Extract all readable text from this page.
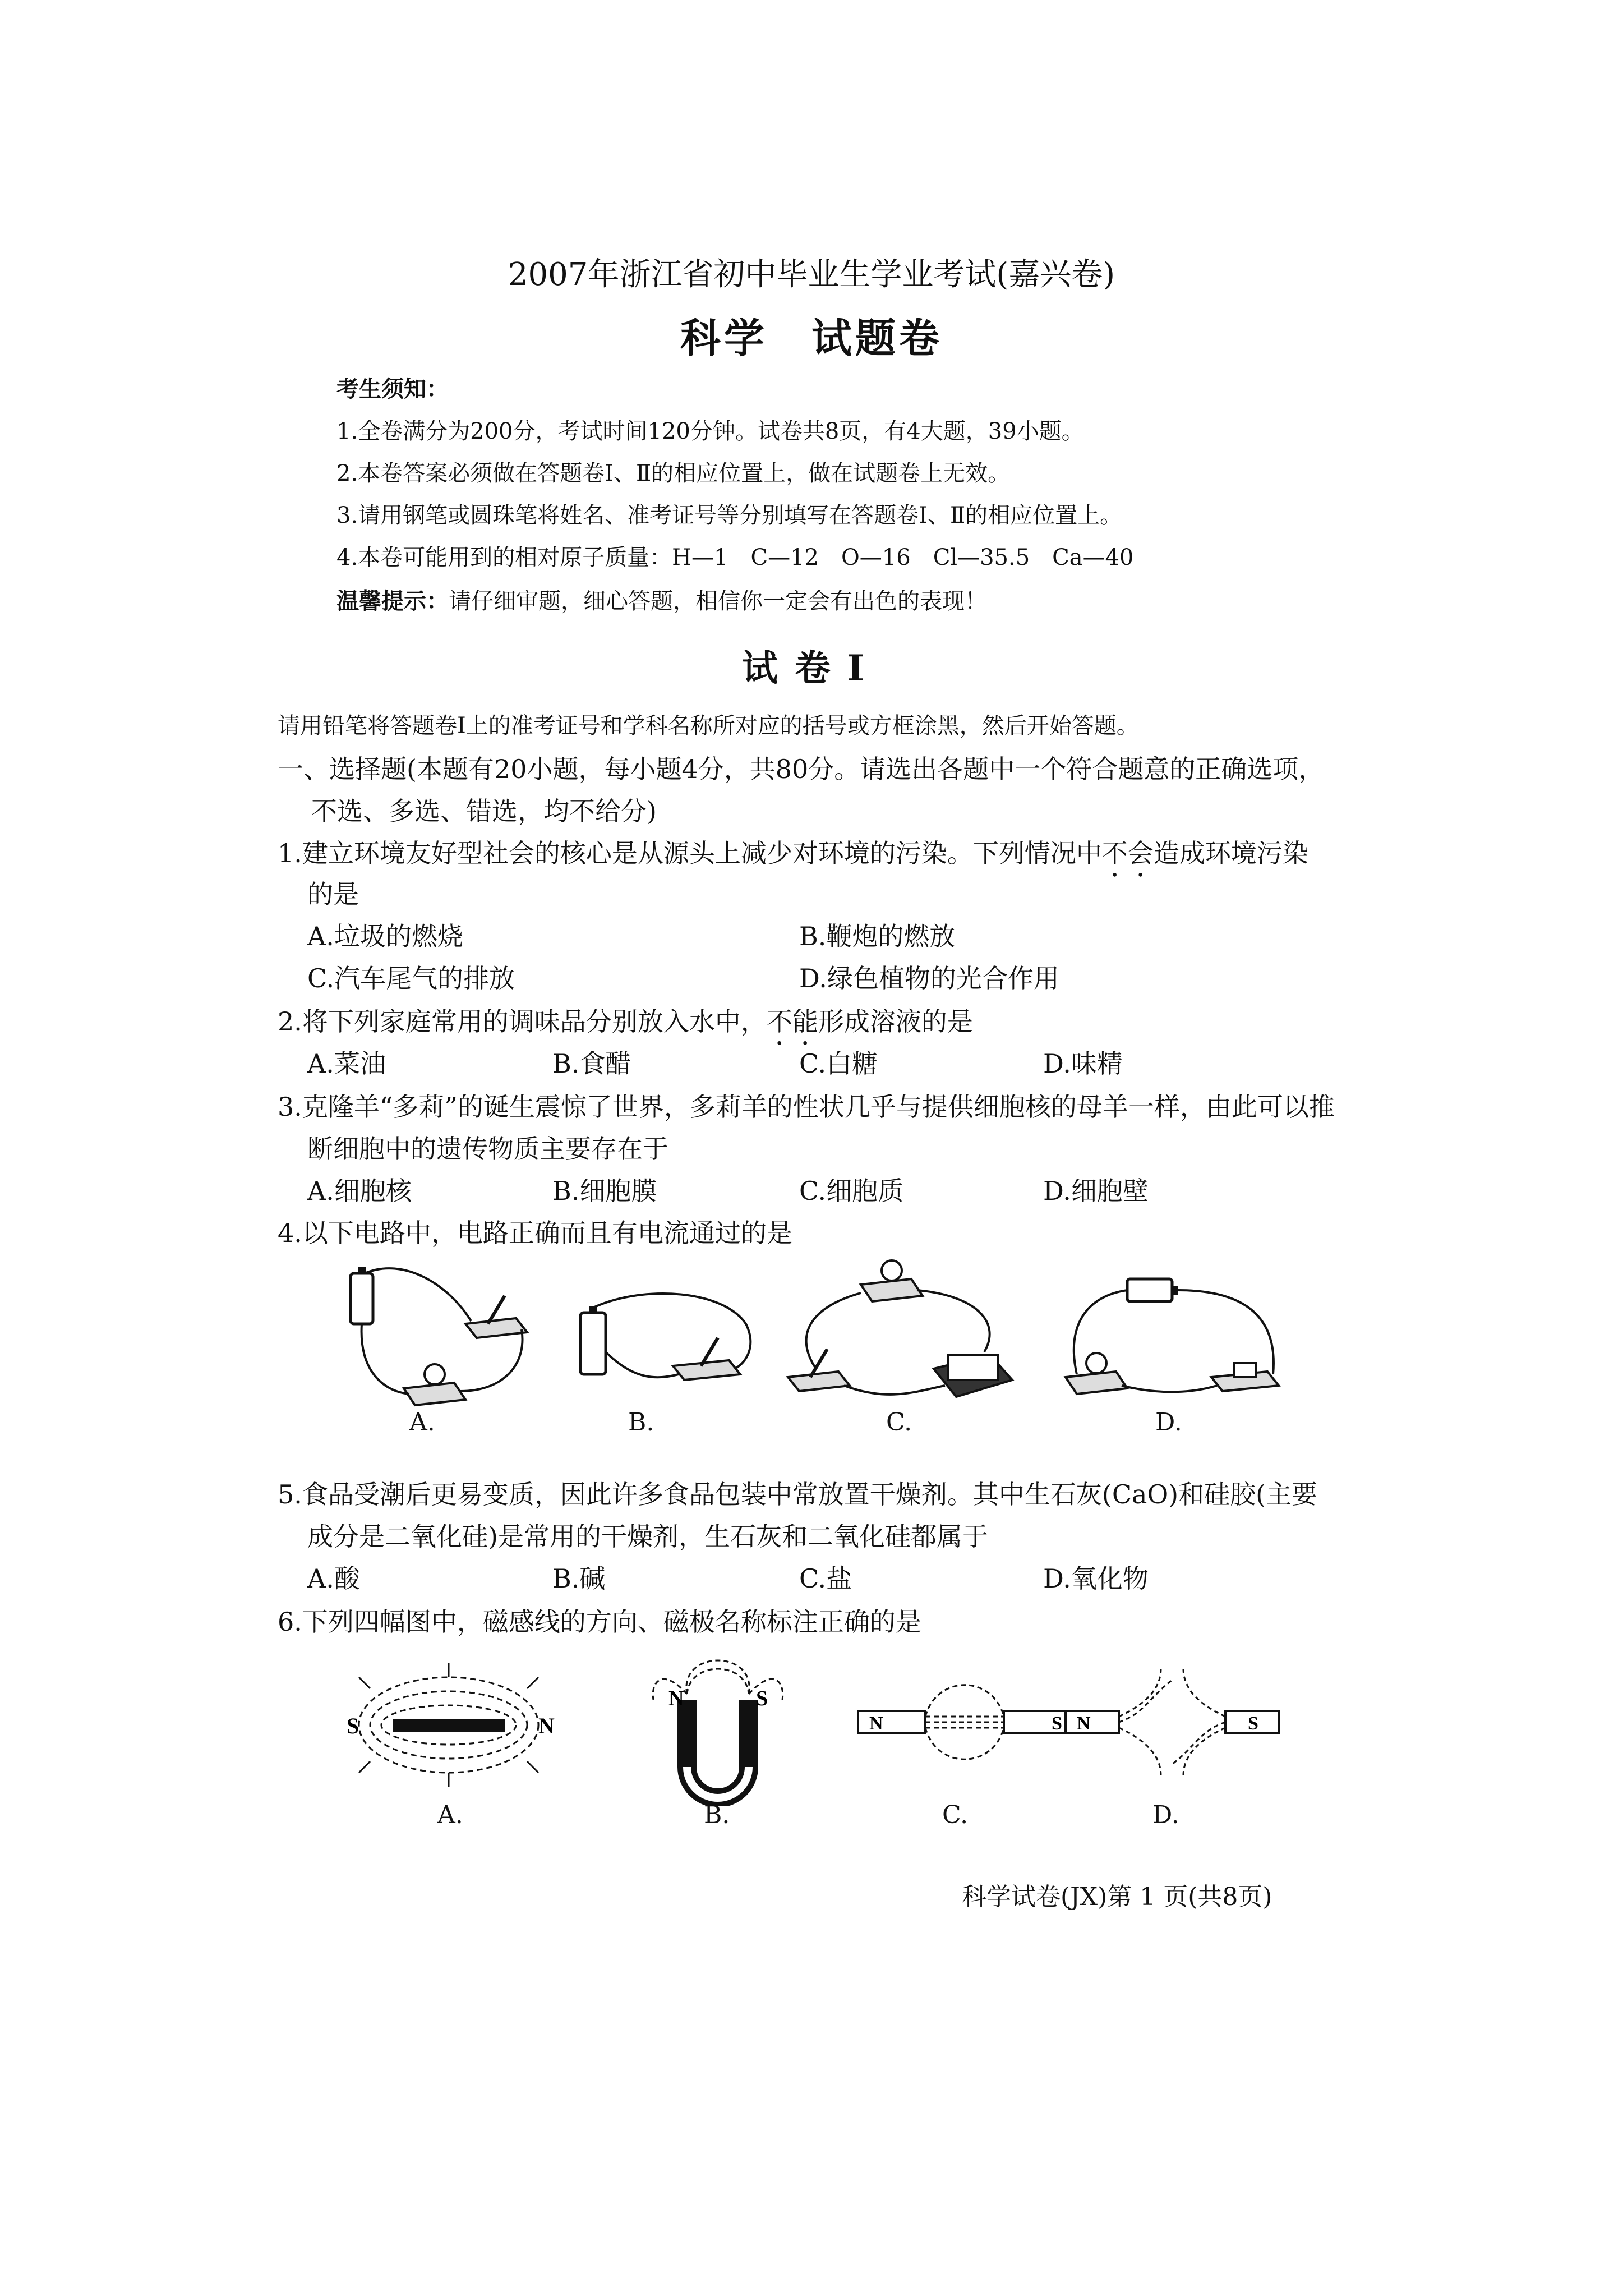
2007年浙江省初中毕业生学业考试(嘉兴卷)
科学　试题卷
考生须知：
1.全卷满分为200分，考试时间120分钟。试卷共8页，有4大题，39小题。
2.本卷答案必须做在答题卷Ⅰ、Ⅱ的相应位置上，做在试题卷上无效。
3.请用钢笔或圆珠笔将姓名、准考证号等分别填写在答题卷Ⅰ、Ⅱ的相应位置上。
4.本卷可能用到的相对原子质量：H—1　C—12　O—16　Cl—35.5　Ca—40
温馨提示：请仔细审题，细心答题，相信你一定会有出色的表现！
试卷Ⅰ
请用铅笔将答题卷Ⅰ上的准考证号和学科名称所对应的括号或方框涂黑，然后开始答题。
一、选择题(本题有20小题，每小题4分，共80分。请选出各题中一个符合题意的正确选项，
不选、多选、错选，均不给分)
1.建立环境友好型社会的核心是从源头上减少对环境的污染。下列情况中不会造成环境污染
的是
A.垃圾的燃烧	B.鞭炮的燃放
C.汽车尾气的排放	D.绿色植物的光合作用
2.将下列家庭常用的调味品分别放入水中，不能形成溶液的是
A.菜油	B.食醋	C.白糖	D.味精
3.克隆羊“多莉”的诞生震惊了世界，多莉羊的性状几乎与提供细胞核的母羊一样，由此可以推
断细胞中的遗传物质主要存在于
A.细胞核	B.细胞膜	C.细胞质	D.细胞壁
4.以下电路中，电路正确而且有电流通过的是
A.	B.	C.	D.
5.食品受潮后更易变质，因此许多食品包装中常放置干燥剂。其中生石灰(CaO)和硅胶(主要
成分是二氧化硅)是常用的干燥剂，生石灰和二氧化硅都属于
A.酸	B.碱	C.盐	D.氧化物
6.下列四幅图中，磁感线的方向、磁极名称标注正确的是
S	N
N	S
N	S N	S
A.	B.	C.	D.
科学试卷(JX)第 1 页(共8页)
